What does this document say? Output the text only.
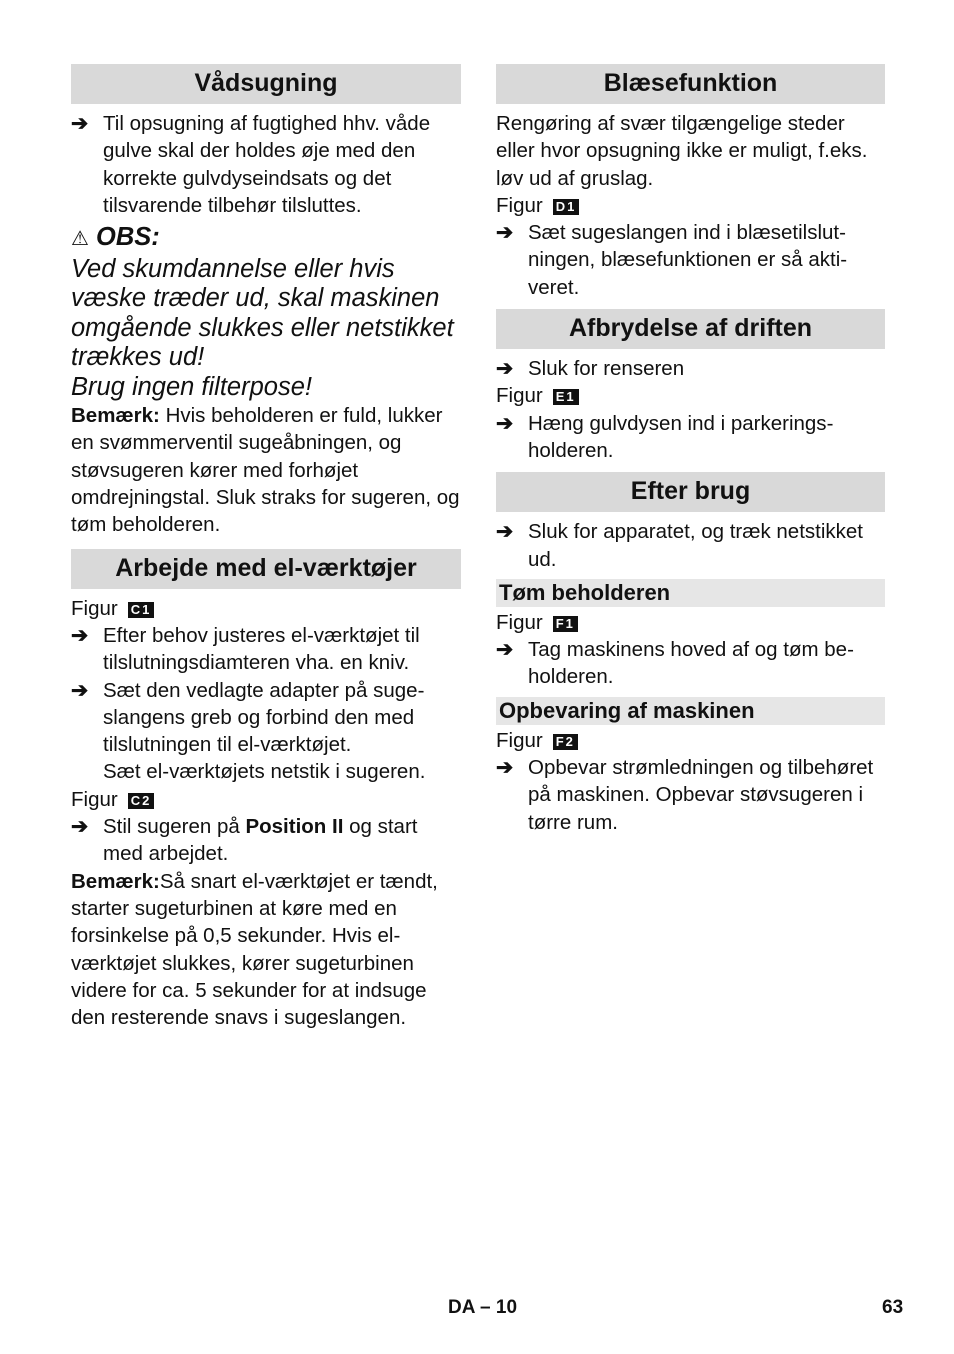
Vådsugning
➔ Til opsugning af fugtighed hhv. våde gulve skal der holdes øje med den korrekte gulvdyseindsats og det tilsvarende tilbehør tilsluttes.
⚠ OBS:
Ved skumdannelse eller hvis væske træder ud, skal maskinen omgående slukkes eller netstikket trækkes ud!
Brug ingen filterpose!
Bemærk: Hvis beholderen er fuld, lukker en svømmerventil sugeåbningen, og støvsugeren kører med forhøjet omdrejningstal. Sluk straks for sugeren, og tøm beholderen.
Arbejde med el-værktøjer
Figur C1
➔ Efter behov justeres el-værktøjet til tilslutningsdiamteren vha. en kniv.
➔ Sæt den vedlagte adapter på sugeslangens greb og forbind den med tilslutningen til el-værktøjet.
Sæt el-værktøjets netstik i sugeren.
Figur C2
➔ Stil sugeren på Position II og start med arbejdet.
Bemærk:Så snart el-værktøjet er tændt, starter sugeturbinen at køre med en forsinkelse på 0,5 sekunder. Hvis el-værktøjet slukkes, kører sugeturbinen videre for ca. 5 sekunder for at indsuge den resterende snavs i sugeslangen.
Blæsefunktion
Rengøring af svær tilgængelige steder eller hvor opsugning ikke er muligt, f.eks. løv ud af gruslag.
Figur D1
➔ Sæt sugeslangen ind i blæsetilslutningen, blæsefunktionen er så aktiveret.
Afbrydelse af driften
➔ Sluk for renseren
Figur E1
➔ Hæng gulvdysen ind i parkeringsholderen.
Efter brug
➔ Sluk for apparatet, og træk netstikket ud.
Tøm beholderen
Figur F1
➔ Tag maskinens hoved af og tøm beholderen.
Opbevaring af maskinen
Figur F2
➔ Opbevar strømledningen og tilbehøret på maskinen. Opbevar støvsugeren i tørre rum.
DA – 10	63
